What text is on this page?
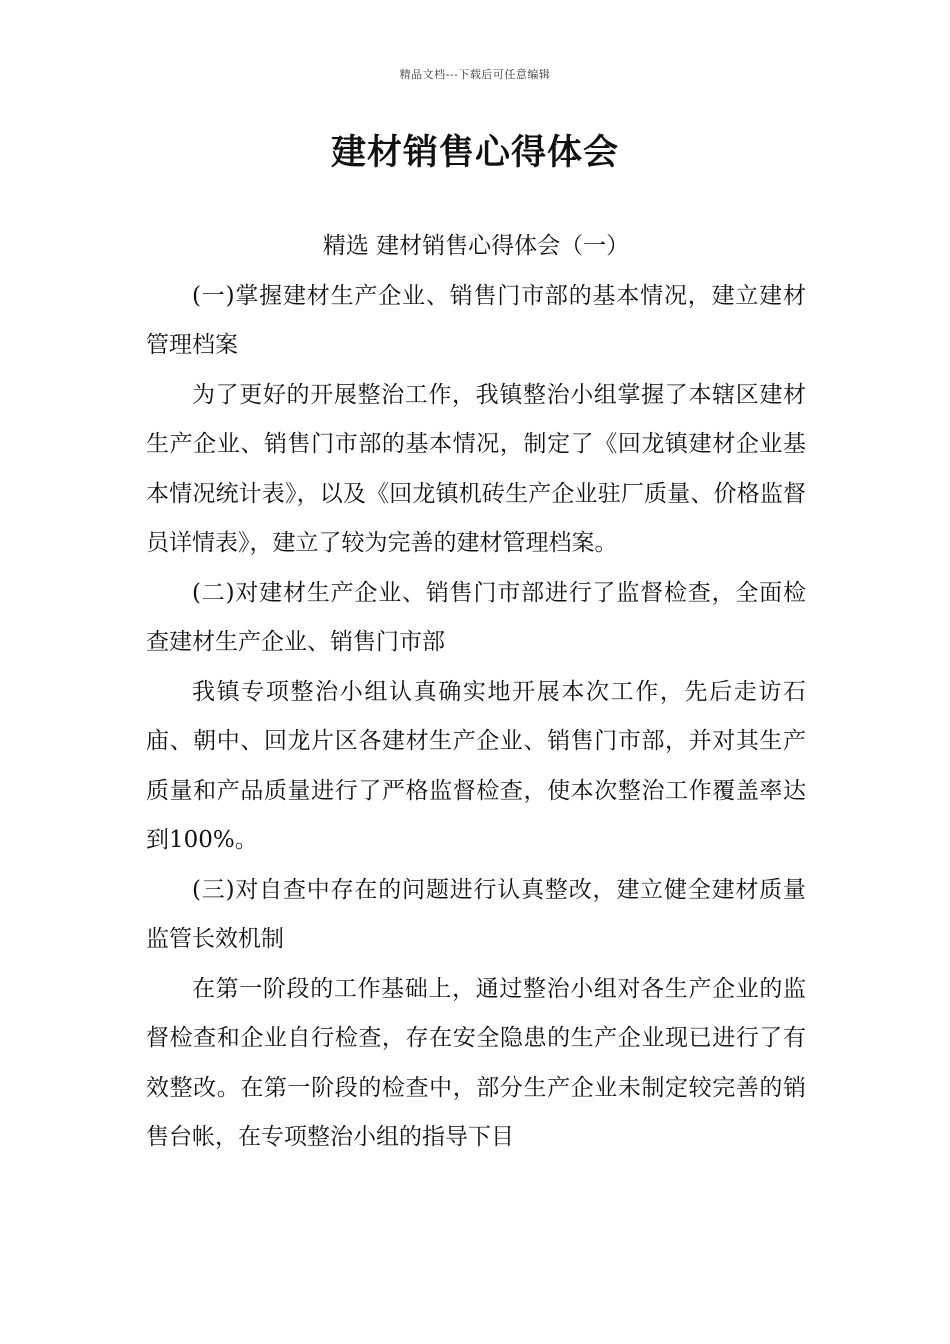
精品文档---下载后可任意编辑
建材销售心得体会

精选 建材销售心得体会（一）

(一)掌握建材生产企业、销售门市部的基本情况，建立建材管理档案

为了更好的开展整治工作，我镇整治小组掌握了本辖区建材生产企业、销售门市部的基本情况，制定了《回龙镇建材企业基本情况统计表》，以及《回龙镇机砖生产企业驻厂质量、价格监督员详情表》，建立了较为完善的建材管理档案。

(二)对建材生产企业、销售门市部进行了监督检查，全面检查建材生产企业、销售门市部

我镇专项整治小组认真确实地开展本次工作，先后走访石庙、朝中、回龙片区各建材生产企业、销售门市部，并对其生产质量和产品质量进行了严格监督检查，使本次整治工作覆盖率达到100%。

(三)对自查中存在的问题进行认真整改，建立健全建材质量监管长效机制

在第一阶段的工作基础上，通过整治小组对各生产企业的监督检查和企业自行检查，存在安全隐患的生产企业现已进行了有效整改。在第一阶段的检查中，部分生产企业未制定较完善的销售台帐，在专项整治小组的指导下目
